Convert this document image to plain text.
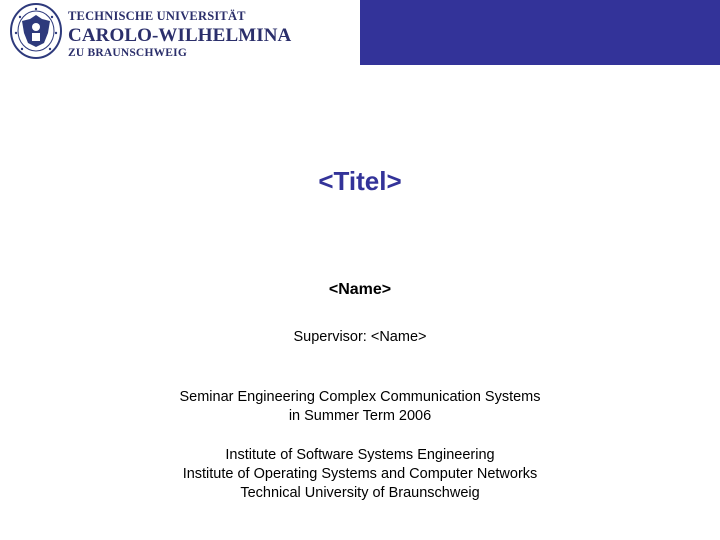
TECHNISCHE UNIVERSITÄT
CAROLO-WILHELMINA
ZU BRAUNSCHWEIG
<Titel>
<Name>
Supervisor: <Name>
Seminar Engineering Complex Communication Systems
in Summer Term 2006
Institute of Software Systems Engineering
Institute of Operating Systems and Computer Networks
Technical University of Braunschweig
